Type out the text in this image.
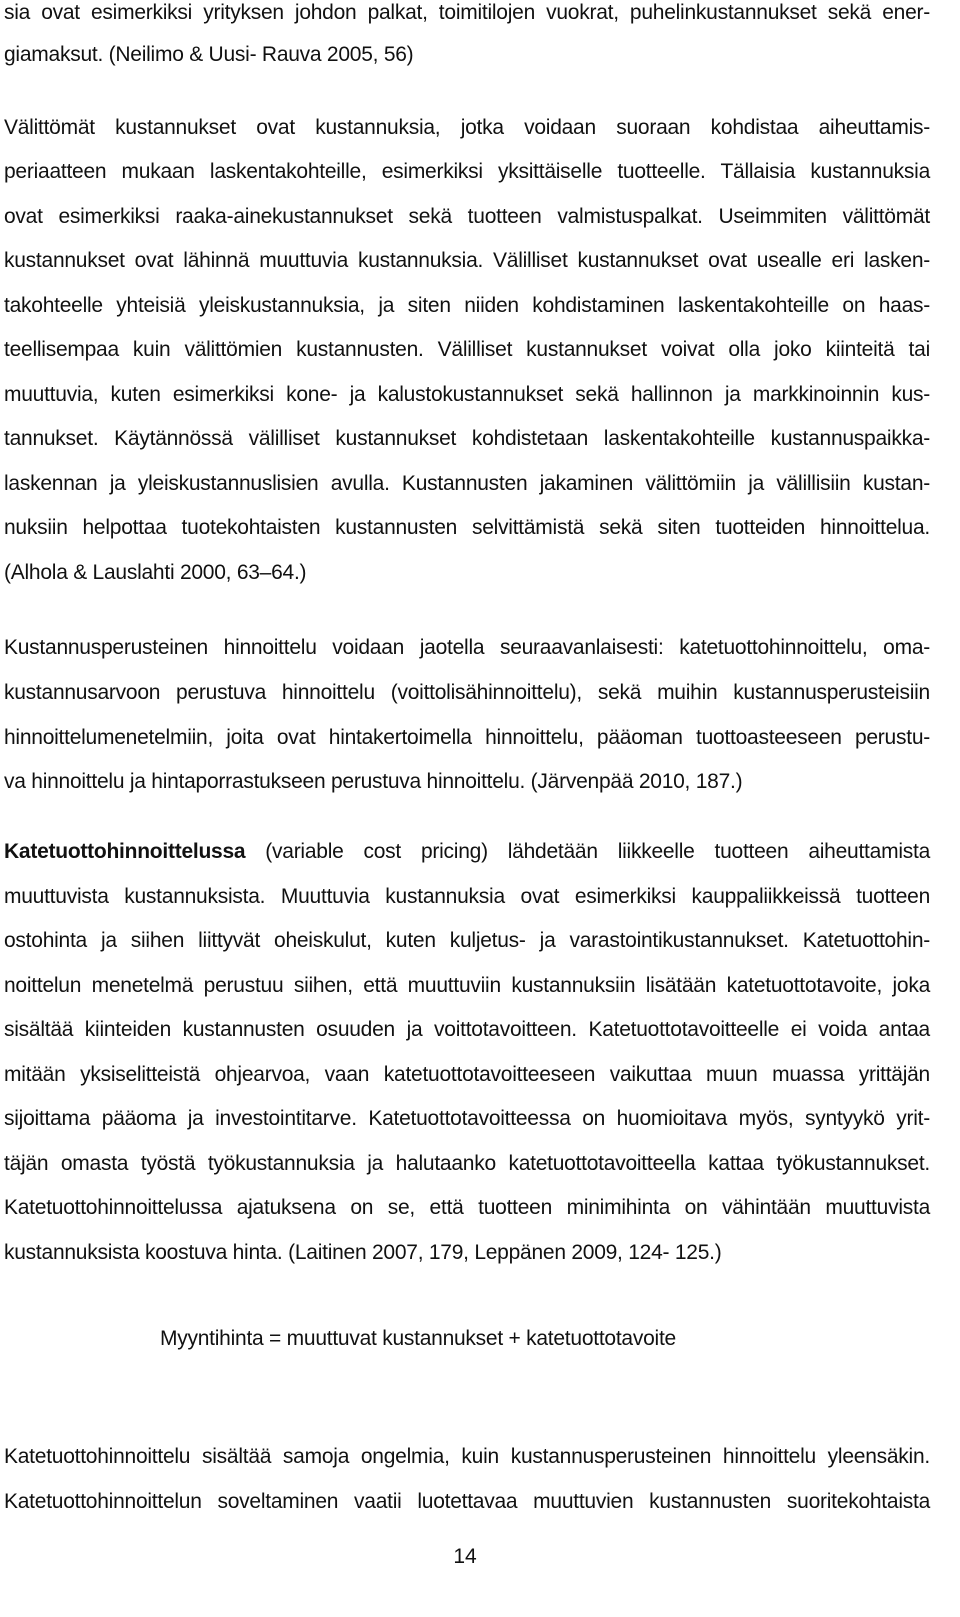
sia ovat esimerkiksi yrityksen johdon palkat, toimitilojen vuokrat, puhelinkustannukset sekä ener-
giamaksut. (Neilimo & Uusi- Rauva 2005, 56)
Välittömät kustannukset ovat kustannuksia, jotka voidaan suoraan kohdistaa aiheuttamis-
periaatteen mukaan laskentakohteille, esimerkiksi yksittäiselle tuotteelle. Tällaisia kustannuksia
ovat esimerkiksi raaka-ainekustannukset sekä tuotteen valmistuspalkat. Useimmiten välittömät
kustannukset ovat lähinnä muuttuvia kustannuksia. Välilliset kustannukset ovat usealle eri lasken-
takohteelle yhteisiä yleiskustannuksia, ja siten niiden kohdistaminen laskentakohteille on haas-
teellisempaa kuin välittömien kustannusten. Välilliset kustannukset voivat olla joko kiinteitä tai
muuttuvia, kuten esimerkiksi kone- ja kalustokustannukset sekä hallinnon ja markkinoinnin kus-
tannukset. Käytännössä välilliset kustannukset kohdistetaan laskentakohteille kustannuspaikka-
laskennan ja yleiskustannuslisien avulla. Kustannusten jakaminen välittömiin ja välillisiin kustan-
nuksiin helpottaa tuotekohtaisten kustannusten selvittämistä sekä siten tuotteiden hinnoittelua.
(Alhola & Lauslahti 2000, 63–64.)
Kustannusperusteinen hinnoittelu voidaan jaotella seuraavanlaisesti: katetuottohinnoittelu, oma-
kustannusarvoon perustuva hinnoittelu (voittolisähinnoittelu), sekä muihin kustannusperusteisiin
hinnoittelumenetelmiin, joita ovat hintakertoimella hinnoittelu, pääoman tuottoasteeseen perustu-
va hinnoittelu ja hintaporrastukseen perustuva hinnoittelu. (Järvenpää 2010, 187.)
Katetuottohinnoittelussa (variable cost pricing) lähdetään liikkeelle tuotteen aiheuttamista
muuttuvista kustannuksista. Muuttuvia kustannuksia ovat esimerkiksi kauppaliikkeissä tuotteen
ostohinta ja siihen liittyvät oheiskulut, kuten kuljetus- ja varastointikustannukset. Katetuottohin-
noittelun menetelmä perustuu siihen, että muuttuviin kustannuksiin lisätään katetuottotavoite, joka
sisältää kiinteiden kustannusten osuuden ja voittotavoitteen. Katetuottotavoitteelle ei voida antaa
mitään yksiselitteistä ohjearvoa, vaan katetuottotavoitteeseen vaikuttaa muun muassa yrittäjän
sijoittama pääoma ja investointitarve. Katetuottotavoitteessa on huomioitava myös, syntyykö yrit-
täjän omasta työstä työkustannuksia ja halutaanko katetuottotavoitteella kattaa työkustannukset.
Katetuottohinnoittelussa ajatuksena on se, että tuotteen minimihinta on vähintään muuttuvista
kustannuksista koostuva hinta. (Laitinen 2007, 179, Leppänen 2009, 124- 125.)
Myyntihinta = muuttuvat kustannukset + katetuottotavoite
Katetuottohinnoittelu sisältää samoja ongelmia, kuin kustannusperusteinen hinnoittelu yleensäkin.
Katetuottohinnoittelun soveltaminen vaatii luotettavaa muuttuvien kustannusten suoritekohtaista
14
